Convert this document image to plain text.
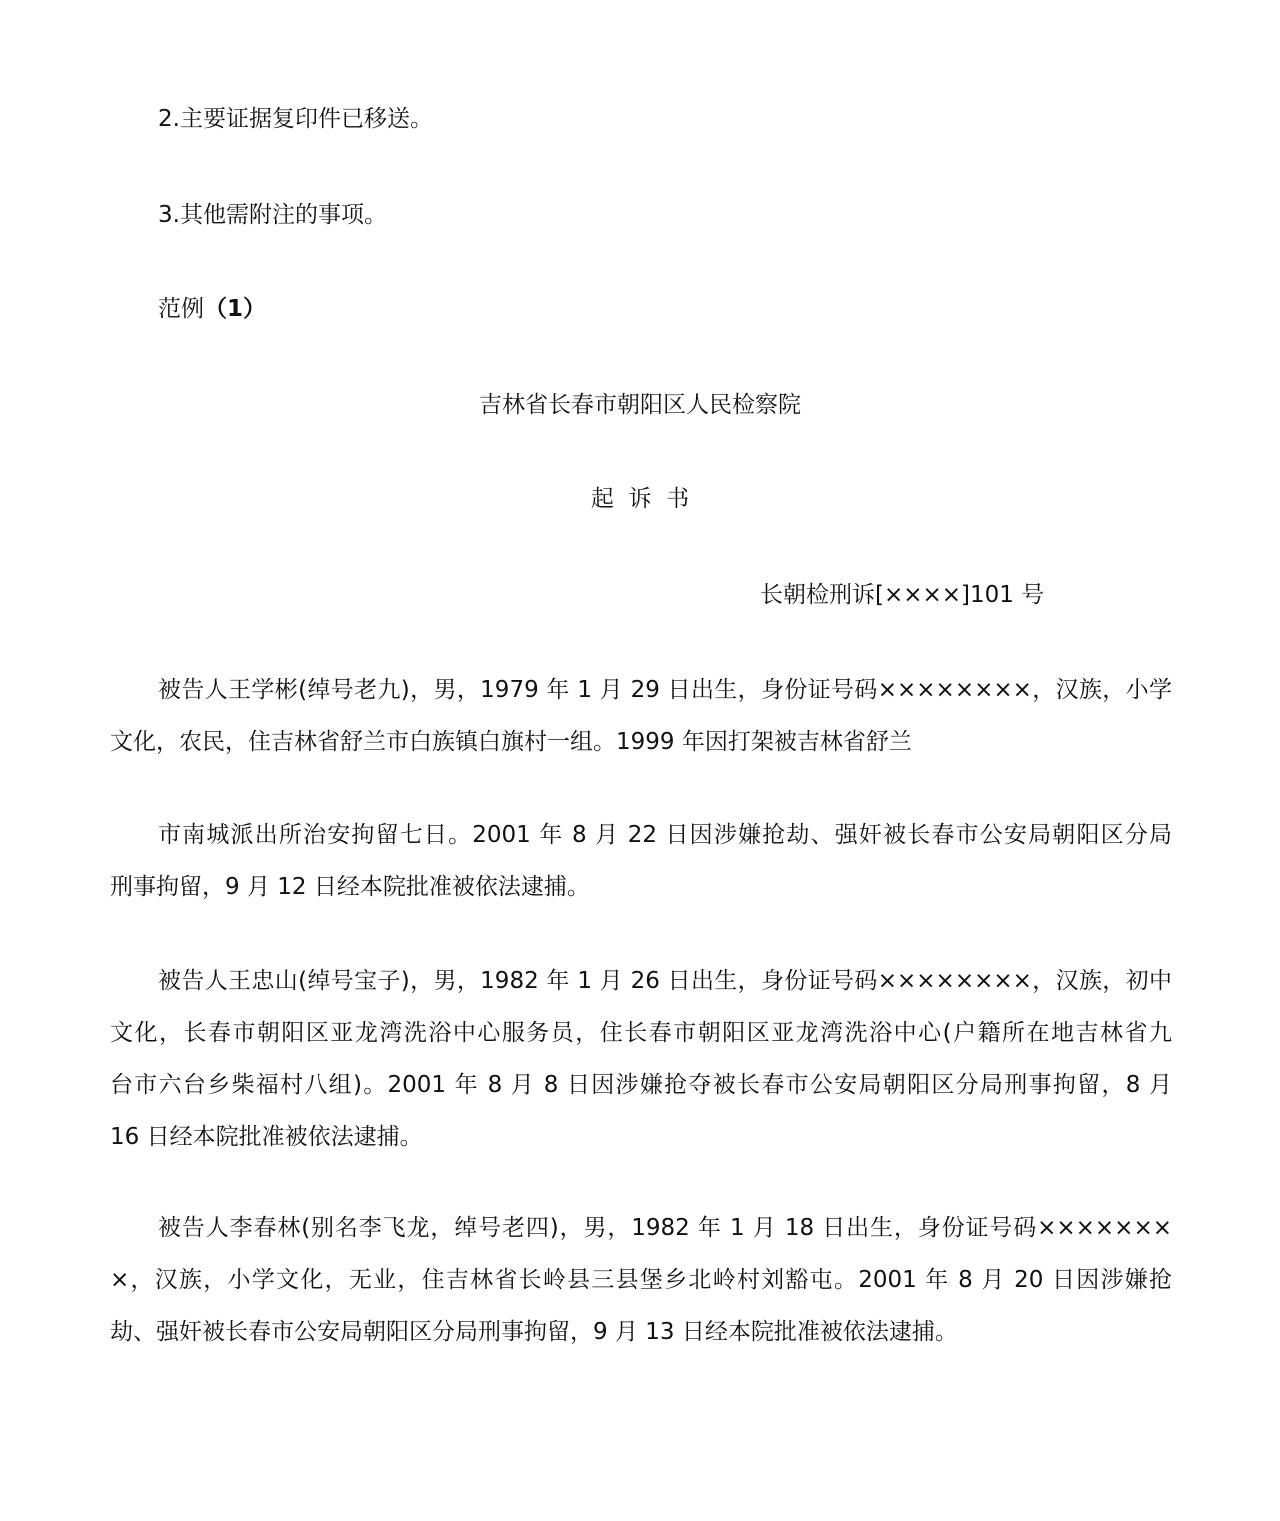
2.主要证据复印件已移送。
3.其他需附注的事项。
范例（1）
吉林省长春市朝阳区人民检察院
起  诉  书
长朝检刑诉[××××]101 号
被告人王学彬(绰号老九)，男，1979 年 1 月 29 日出生，身份证号码××××××××，汉族，小学
文化，农民，住吉林省舒兰市白族镇白旗村一组。1999 年因打架被吉林省舒兰
市南城派出所治安拘留七日。2001 年 8 月 22 日因涉嫌抢劫、强奸被长春市公安局朝阳区分局
刑事拘留，9 月 12 日经本院批准被依法逮捕。
被告人王忠山(绰号宝子)，男，1982 年 1 月 26 日出生，身份证号码××××××××，汉族，初中
文化，长春市朝阳区亚龙湾洗浴中心服务员，住长春市朝阳区亚龙湾洗浴中心(户籍所在地吉林省九
台市六台乡柴福村八组)。2001 年 8 月 8 日因涉嫌抢夺被长春市公安局朝阳区分局刑事拘留，8 月
16 日经本院批准被依法逮捕。
被告人李春林(别名李飞龙，绰号老四)，男，1982 年 1 月 18 日出生，身份证号码×××××××
×，汉族，小学文化，无业，住吉林省长岭县三县堡乡北岭村刘豁屯。2001 年 8 月 20 日因涉嫌抢
劫、强奸被长春市公安局朝阳区分局刑事拘留，9 月 13 日经本院批准被依法逮捕。
